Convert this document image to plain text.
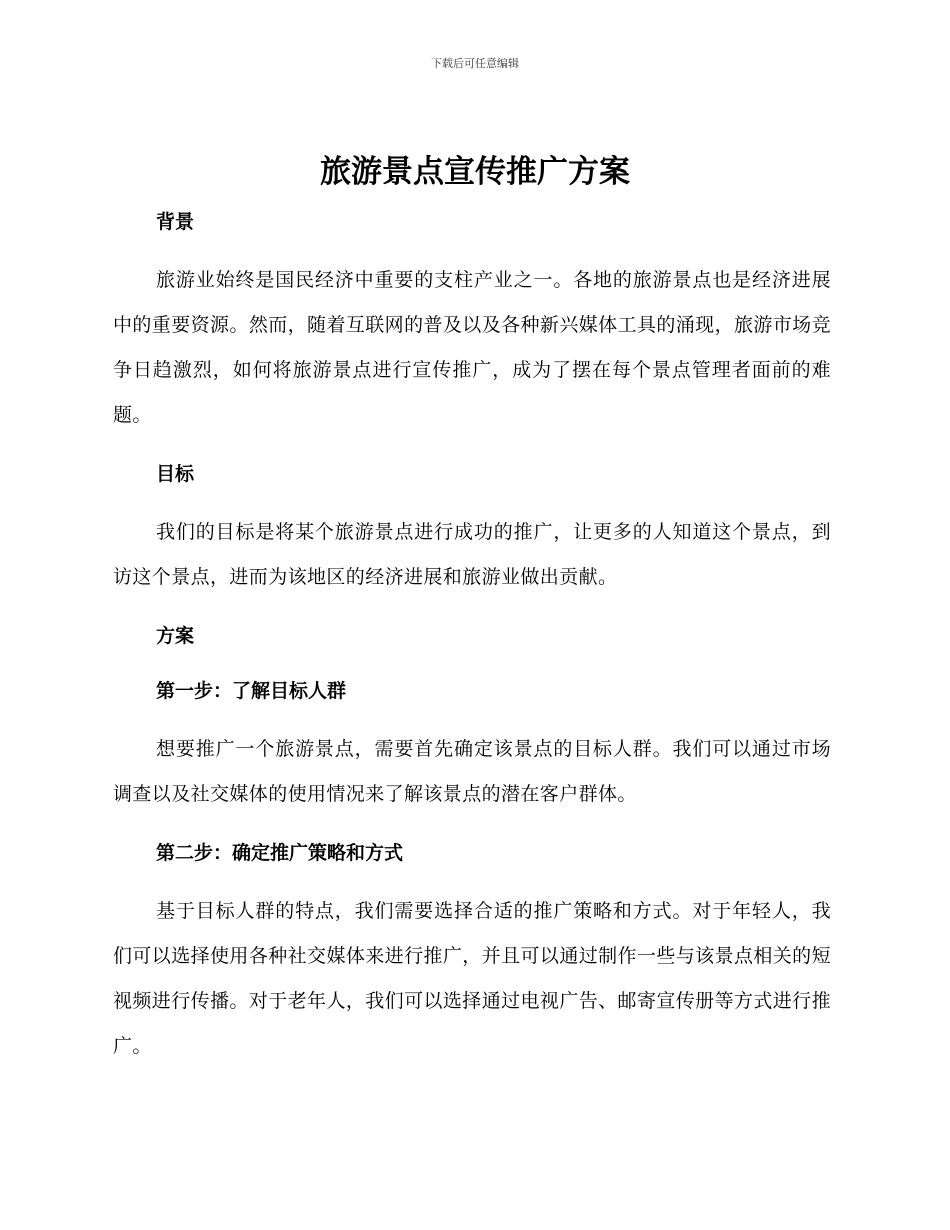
下载后可任意编辑
旅游景点宣传推广方案

背景

旅游业始终是国民经济中重要的支柱产业之一。各地的旅游景点也是经济进展中的重要资源。然而，随着互联网的普及以及各种新兴媒体工具的涌现，旅游市场竞争日趋激烈，如何将旅游景点进行宣传推广，成为了摆在每个景点管理者面前的难题。

目标

我们的目标是将某个旅游景点进行成功的推广，让更多的人知道这个景点，到访这个景点，进而为该地区的经济进展和旅游业做出贡献。

方案

第一步：了解目标人群

想要推广一个旅游景点，需要首先确定该景点的目标人群。我们可以通过市场调查以及社交媒体的使用情况来了解该景点的潜在客户群体。

第二步：确定推广策略和方式

基于目标人群的特点，我们需要选择合适的推广策略和方式。对于年轻人，我们可以选择使用各种社交媒体来进行推广，并且可以通过制作一些与该景点相关的短视频进行传播。对于老年人，我们可以选择通过电视广告、邮寄宣传册等方式进行推广。
